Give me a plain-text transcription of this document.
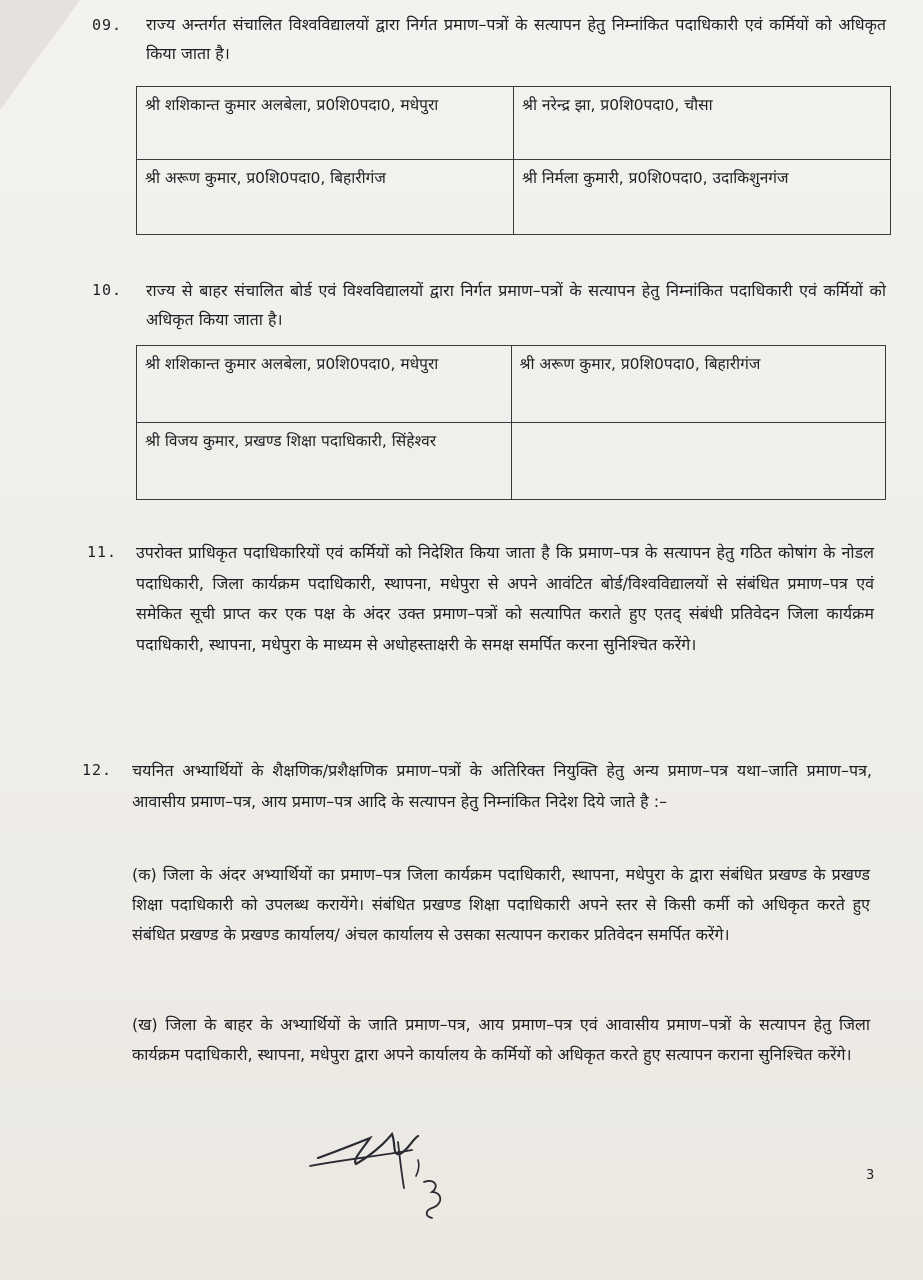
09. राज्य अन्तर्गत संचालित विश्वविद्यालयों द्वारा निर्गत प्रमाण–पत्रों के सत्यापन हेतु निम्नांकित पदाधिकारी एवं कर्मियों को अधिकृत किया जाता है।
श्री शशिकान्त कुमार अलबेला, प्र0शि0पदा0, मधेपुरा	श्री नरेन्द्र झा, प्र0शि0पदा0, चौसा
श्री अरूण कुमार, प्र0शि0पदा0, बिहारीगंज	श्री निर्मला कुमारी, प्र0शि0पदा0, उदाकिशुनगंज
10. राज्य से बाहर संचालित बोर्ड एवं विश्वविद्यालयों द्वारा निर्गत प्रमाण–पत्रों के सत्यापन हेतु निम्नांकित पदाधिकारी एवं कर्मियों को अधिकृत किया जाता है।
श्री शशिकान्त कुमार अलबेला, प्र0शि0पदा0, मधेपुरा	श्री अरूण कुमार, प्र0शि0पदा0, बिहारीगंज
श्री विजय कुमार, प्रखण्ड शिक्षा पदाधिकारी, सिंहेश्वर	
11. उपरोक्त प्राधिकृत पदाधिकारियों एवं कर्मियों को निदेशित किया जाता है कि प्रमाण–पत्र के सत्यापन हेतु गठित कोषांग के नोडल पदाधिकारी, जिला कार्यक्रम पदाधिकारी, स्थापना, मधेपुरा से अपने आवंटित बोर्ड/विश्वविद्यालयों से संबंधित प्रमाण–पत्र एवं समेकित सूची प्राप्त कर एक पक्ष के अंदर उक्त प्रमाण–पत्रों को सत्यापित कराते हुए एतद् संबंधी प्रतिवेदन जिला कार्यक्रम पदाधिकारी, स्थापना, मधेपुरा के माध्यम से अधोहस्ताक्षरी के समक्ष समर्पित करना सुनिश्चित करेंगे।
12. चयनित अभ्यार्थियों के शैक्षणिक/प्रशैक्षणिक प्रमाण–पत्रों के अतिरिक्त नियुक्ति हेतु अन्य प्रमाण–पत्र यथा–जाति प्रमाण–पत्र, आवासीय प्रमाण–पत्र, आय प्रमाण–पत्र आदि के सत्यापन हेतु निम्नांकित निदेश दिये जाते है :–
(क) जिला के अंदर अभ्यार्थियों का प्रमाण–पत्र जिला कार्यक्रम पदाधिकारी, स्थापना, मधेपुरा के द्वारा संबंधित प्रखण्ड के प्रखण्ड शिक्षा पदाधिकारी को उपलब्ध करायेंगे। संबंधित प्रखण्ड शिक्षा पदाधिकारी अपने स्तर से किसी कर्मी को अधिकृत करते हुए संबंधित प्रखण्ड के प्रखण्ड कार्यालय/ अंचल कार्यालय से उसका सत्यापन कराकर प्रतिवेदन समर्पित करेंगे।
(ख) जिला के बाहर के अभ्यार्थियों के जाति प्रमाण–पत्र, आय प्रमाण–पत्र एवं आवासीय प्रमाण–पत्रों के सत्यापन हेतु जिला कार्यक्रम पदाधिकारी, स्थापना, मधेपुरा द्वारा अपने कार्यालय के कर्मियों को अधिकृत करते हुए सत्यापन कराना सुनिश्चित करेंगे।
3
